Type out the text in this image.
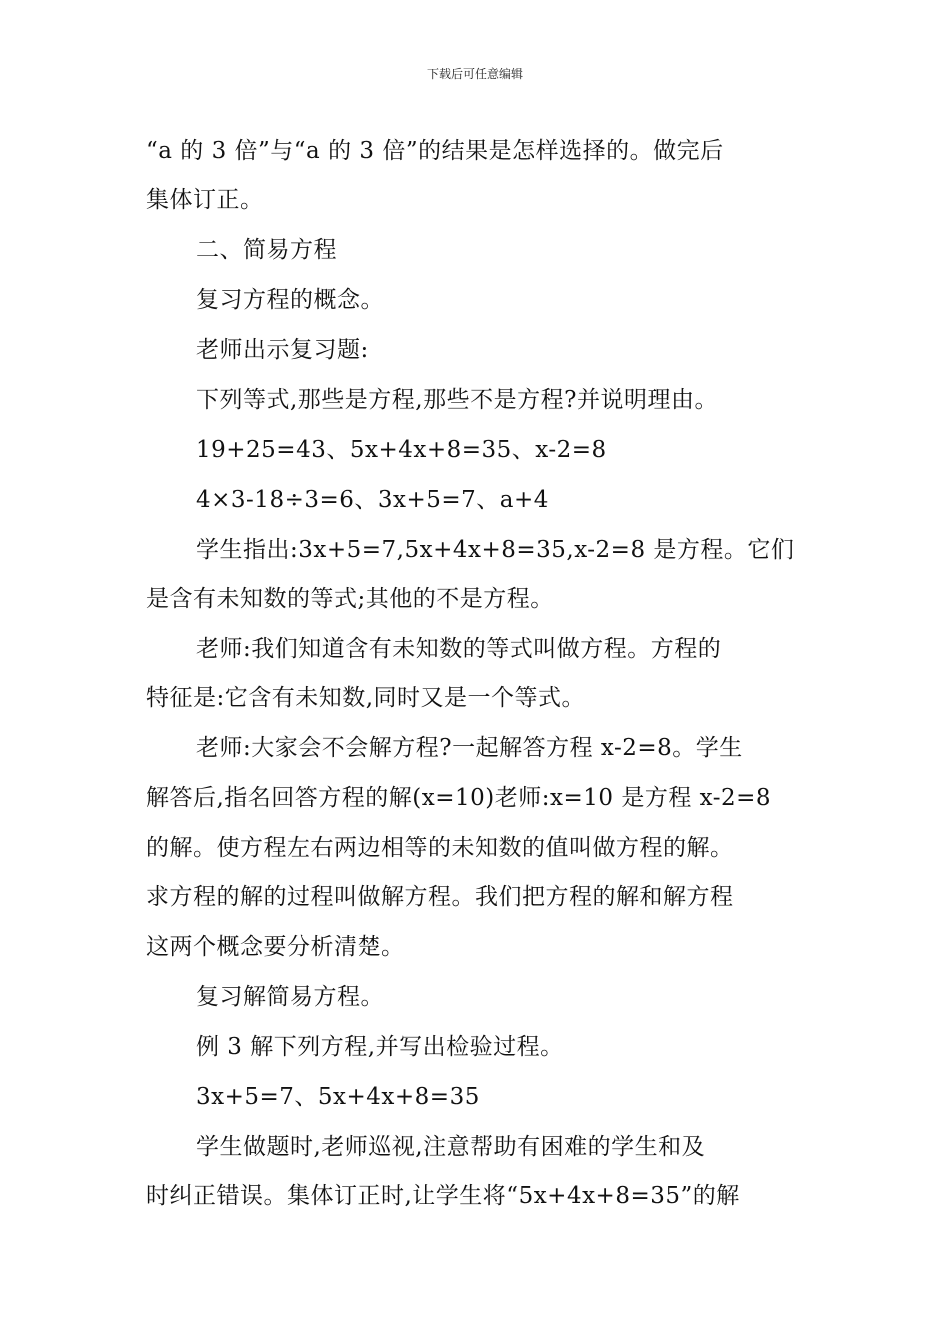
下载后可任意编辑
“a 的 3 倍”与“a 的 3 倍”的结果是怎样选择的。做完后
集体订正。
二、简易方程
复习方程的概念。
老师出示复习题:
下列等式,那些是方程,那些不是方程?并说明理由。
19+25=43、5x+4x+8=35、x-2=8
4×3-18÷3=6、3x+5=7、a+4
学生指出:3x+5=7,5x+4x+8=35,x-2=8 是方程。它们
是含有未知数的等式;其他的不是方程。
老师:我们知道含有未知数的等式叫做方程。方程的
特征是:它含有未知数,同时又是一个等式。
老师:大家会不会解方程?一起解答方程 x-2=8。学生
解答后,指名回答方程的解(x=10)老师:x=10 是方程 x-2=8
的解。使方程左右两边相等的未知数的值叫做方程的解。
求方程的解的过程叫做解方程。我们把方程的解和解方程
这两个概念要分析清楚。
复习解简易方程。
例 3 解下列方程,并写出检验过程。
3x+5=7、5x+4x+8=35
学生做题时,老师巡视,注意帮助有困难的学生和及
时纠正错误。集体订正时,让学生将“5x+4x+8=35”的解
